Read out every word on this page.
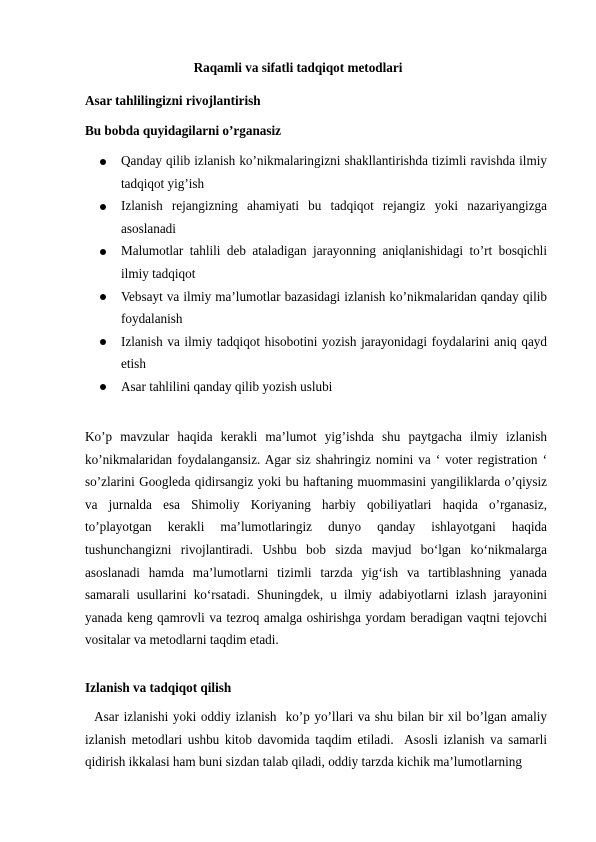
Raqamli va sifatli tadqiqot metodlari
Asar tahlilingizni rivojlantirish
Bu bobda quyidagilarni o’rganasiz
Qanday qilib izlanish ko’nikmalaringizni shakllantirishda tizimli ravishda ilmiy tadqiqot yig’ish
Izlanish rejangizning ahamiyati bu tadqiqot rejangiz yoki nazariyangizga asoslanadi
Malumotlar tahlili deb ataladigan jarayonning aniqlanishidagi to’rt bosqichli ilmiy tadqiqot
Vebsayt va ilmiy ma’lumotlar bazasidagi izlanish ko’nikmalaridan qanday qilib foydalanish
Izlanish va ilmiy tadqiqot hisobotini yozish jarayonidagi foydalarini aniq qayd etish
Asar tahlilini qanday qilib yozish uslubi

Ko’p mavzular haqida kerakli ma’lumot yig’ishda shu paytgacha ilmiy izlanish ko’nikmalaridan foydalangansiz. Agar siz shahringiz nomini va ‘ voter registration ‘ so’zlarini Googleda qidirsangiz yoki bu haftaning muommasini yangiliklarda o’qiysiz va jurnalda esa Shimoliy Koriyaning harbiy qobiliyatlari haqida o’rganasiz, to’playotgan kerakli ma’lumotlaringiz dunyo qanday ishlayotgani haqida tushunchangizni rivojlantiradi. Ushbu bob sizda mavjud bo‘lgan ko‘nikmalarga asoslanadi hamda ma’lumotlarni tizimli tarzda yig‘ish va tartiblashning yanada samarali usullarini ko‘rsatadi. Shuningdek, u ilmiy adabiyotlarni izlash jarayonini yanada keng qamrovli va tezroq amalga oshirishga yordam beradigan vaqtni tejovchi vositalar va metodlarni taqdim etadi.

Izlanish va tadqiqot qilish

Asar izlanishi yoki oddiy izlanish  ko’p yo’llari va shu bilan bir xil bo’lgan amaliy izlanish metodlari ushbu kitob davomida taqdim etiladi.  Asosli izlanish va samarli qidirish ikkalasi ham buni sizdan talab qiladi, oddiy tarzda kichik ma’lumotlarning
